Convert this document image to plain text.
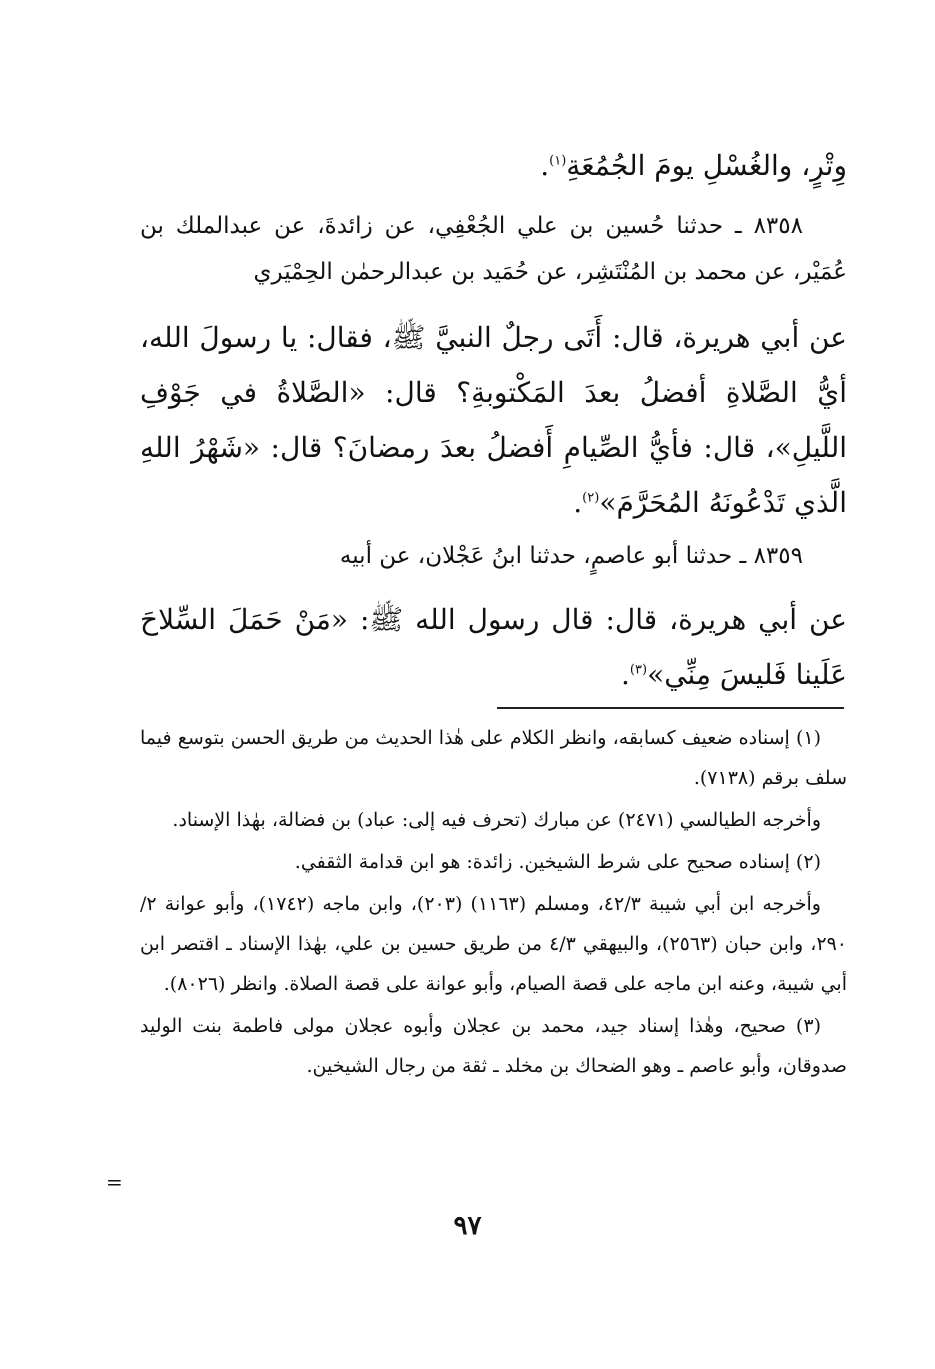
وِتْرٍ، والغُسْلِ يومَ الجُمُعَةِ$^{(١)}$.

٨٣٥٨ ـ حدثنا حُسين بن علي الجُعْفِي، عن زائدةَ، عن عبدالملك بن عُمَيْر، عن محمد بن المُنْتَشِر، عن حُمَيد بن عبدالرحمٰن الحِمْيَري

عن أبي هريرة، قال: أَتَى رجلٌ النبيَّ ﷺ، فقال: يا رسولَ الله، أيُّ الصَّلاةِ أفضلُ بعدَ المَكْتوبةِ؟ قال: «الصَّلاةُ في جَوْفِ اللَّيلِ»، قال: فأيُّ الصِّيامِ أَفضلُ بعدَ رمضانَ؟ قال: «شَهْرُ اللهِ الَّذي تَدْعُونَهُ المُحَرَّمَ»$^{(٢)}$.

٨٣٥٩ ـ حدثنا أبو عاصمٍ، حدثنا ابنُ عَجْلان، عن أبيه

عن أبي هريرة، قال: قال رسول الله ﷺ: «مَنْ حَمَلَ السِّلاحَ عَلَينا فَليسَ مِنِّي»$^{(٣)}$.

(١) إسناده ضعيف كسابقه، وانظر الكلام على هٰذا الحديث من طريق الحسن بتوسع فيما سلف برقم (٧١٣٨).

وأخرجه الطيالسي (٢٤٧١) عن مبارك (تحرف فيه إلى: عباد) بن فضالة، بهٰذا الإسناد.

(٢) إسناده صحيح على شرط الشيخين. زائدة: هو ابن قدامة الثقفي.

وأخرجه ابن أبي شيبة ٤٢/٣، ومسلم (١١٦٣) (٢٠٣)، وابن ماجه (١٧٤٢)، وأبو عوانة ٢/ ٢٩٠، وابن حبان (٢٥٦٣)، والبيهقي ٤/٣ من طريق حسين بن علي، بهٰذا الإسناد ـ اقتصر ابن أبي شيبة، وعنه ابن ماجه على قصة الصيام، وأبو عوانة على قصة الصلاة. وانظر (٨٠٢٦).

(٣) صحيح، وهٰذا إسناد جيد، محمد بن عجلان وأبوه عجلان مولى فاطمة بنت الوليد صدوقان، وأبو عاصم ـ وهو الضحاك بن مخلد ـ ثقة من رجال الشيخين.

=
٩٧
